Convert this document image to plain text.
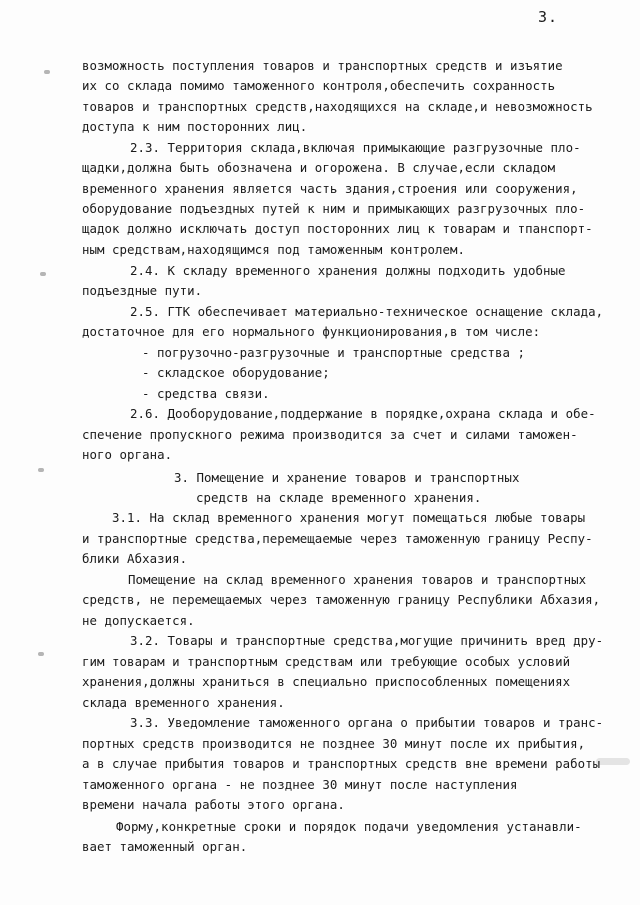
3.
возможность поступления товаров и транспортных средств и изъятие
их со склада помимо таможенного контроля,обеспечить сохранность
товаров и транспортных средств,находящихся на складе,и невозможность
доступа к ним посторонних лиц.
2.3. Территория склада,включая примыкающие разгрузочные пло-
щадки,должна быть обозначена и огорожена. В случае,если складом
временного хранения является часть здания,строения или сооружения,
оборудование подъездных путей к ним и примыкающих разгрузочных пло-
щадок должно исключать доступ посторонних лиц к товарам и тпанспорт-
ным средствам,находящимся под таможенным контролем.
2.4. К складу временного хранения должны подходить удобные
подъездные пути.
2.5. ГТК обеспечивает материально-техническое оснащение склада,
достаточное для его нормального функционирования,в том числе:
- погрузочно-разгрузочные и транспортные средства ;
- складское оборудование;
- средства связи.
2.6. Дооборудование,поддержание в порядке,охрана склада и обе-
спечение пропускного режима производится за счет и силами таможен-
ного органа.
3. Помещение и хранение товаров и транспортных
средств на складе временного хранения.
3.1. На склад временного хранения могут помещаться любые товары
и транспортные средства,перемещаемые через таможенную границу Респу-
блики Абхазия.
Помещение на склад временного хранения товаров и транспортных
средств, не перемещаемых через таможенную границу Республики Абхазия,
не допускается.
3.2. Товары и транспортные средства,могущие причинить вред дру-
гим товарам и транспортным средствам или требующие особых условий
хранения,должны храниться в специально приспособленных помещениях
склада временного хранения.
3.3. Уведомление таможенного органа о прибытии товаров и транс-
портных средств производится не позднее 30 минут после их прибытия,
а в случае прибытия товаров и транспортных средств вне времени работы
таможенного органа - не позднее 30 минут после наступления
времени начала работы этого органа.
Форму,конкретные сроки и порядок подачи уведомления устанавли-
вает таможенный орган.
